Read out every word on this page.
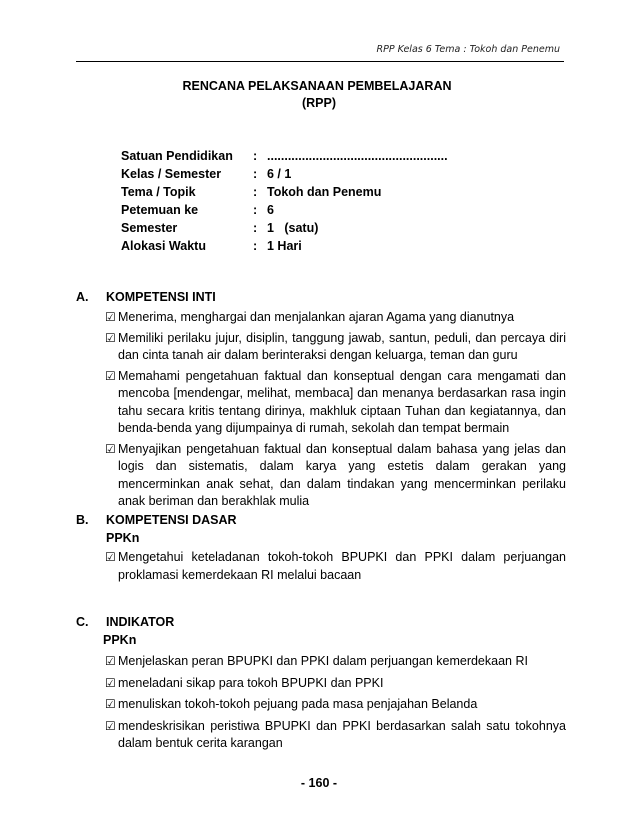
RPP Kelas 6 Tema : Tokoh dan Penemu
RENCANA PELAKSANAAN PEMBELAJARAN
(RPP)
Satuan Pendidikan : ....................................................
Kelas / Semester	: 6 / 1
Tema / Topik	: Tokoh dan Penemu
Petemuan ke	: 6
Semester	: 1   (satu)
Alokasi Waktu	: 1 Hari
A. KOMPETENSI INTI
☑ Menerima, menghargai dan menjalankan ajaran Agama yang dianutnya
☑ Memiliki perilaku jujur, disiplin, tanggung jawab, santun, peduli, dan percaya diri dan cinta tanah air dalam berinteraksi dengan keluarga, teman dan guru
☑ Memahami pengetahuan faktual dan konseptual dengan cara mengamati dan mencoba [mendengar, melihat, membaca] dan menanya berdasarkan rasa ingin tahu secara kritis tentang dirinya, makhluk ciptaan Tuhan dan kegiatannya, dan benda-benda yang dijumpainya di rumah, sekolah dan tempat bermain
☑ Menyajikan pengetahuan faktual dan konseptual dalam bahasa yang jelas dan logis dan sistematis, dalam karya yang estetis dalam gerakan yang mencerminkan anak sehat, dan dalam tindakan yang mencerminkan perilaku anak beriman dan berakhlak mulia
B. KOMPETENSI DASAR
PPKn
☑ Mengetahui keteladanan tokoh-tokoh BPUPKI dan PPKI dalam perjuangan proklamasi kemerdekaan RI melalui bacaan
C. INDIKATOR
PPKn
☑ Menjelaskan peran BPUPKI dan PPKI dalam perjuangan kemerdekaan RI
☑ meneladani sikap para tokoh BPUPKI dan PPKI
☑ menuliskan tokoh-tokoh pejuang pada masa penjajahan Belanda
☑ mendeskrisikan peristiwa BPUPKI dan PPKI berdasarkan salah satu tokohnya dalam bentuk cerita karangan
- 160 -
